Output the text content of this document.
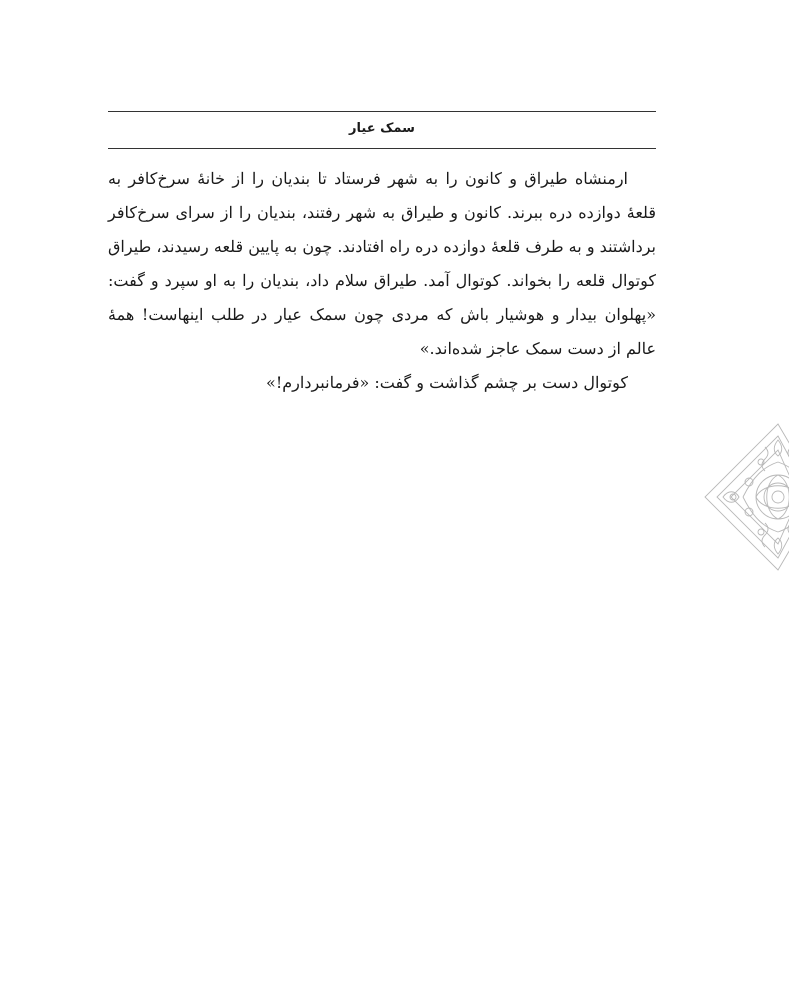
سمک عیار

ارمنشاه طیراق و کانون را به شهر فرستاد تا بندیان را از خانهٔ سرخ‌کافر به قلعهٔ دوازده دره ببرند. کانون و طیراق به شهر رفتند، بندیان را از سرای سرخ‌کافر برداشتند و به طرف قلعهٔ دوازده دره راه افتادند. چون به پایین قلعه رسیدند، طیراق کوتوال قلعه را بخواند. کوتوال آمد. طیراق سلام داد، بندیان را به او سپرد و گفت: «پهلوان بیدار و هوشیار باش که مردی چون سمک عیار در طلب اینهاست! همهٔ عالم از دست سمک عاجز شده‌اند.»

کوتوال دست بر چشم گذاشت و گفت: «فرمانبردارم!»
